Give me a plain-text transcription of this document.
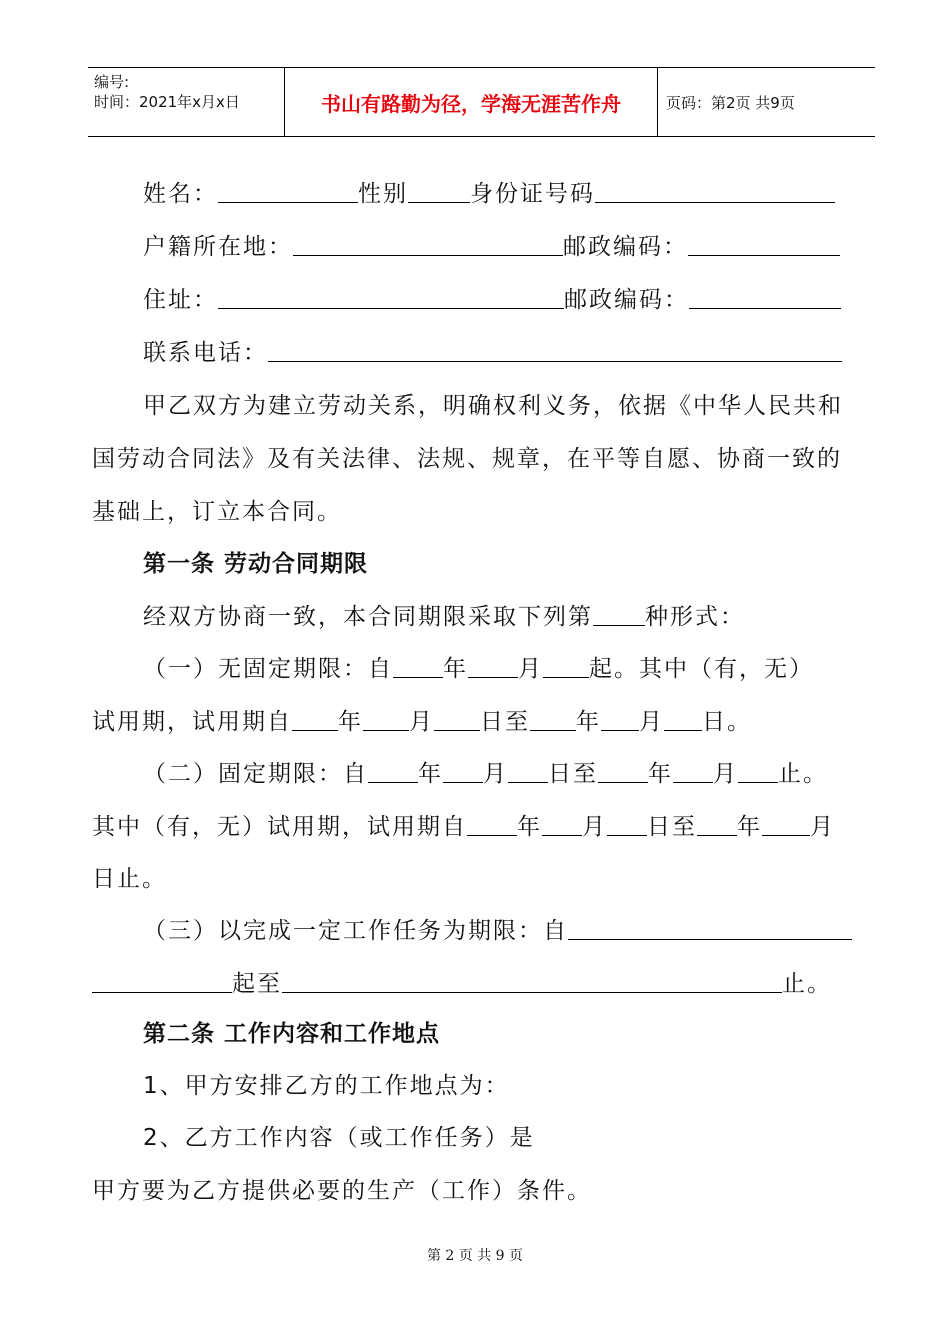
编号:
时间：2021年x月x日	书山有路勤为径，学海无涯苦作舟	页码：第2页 共9页
姓名：	性别	身份证号码
户籍所在地：	邮政编码：
住址：	邮政编码：
联系电话：
甲乙双方为建立劳动关系，明确权利义务，依据《中华人民共和
国劳动合同法》及有关法律、法规、规章，在平等自愿、协商一致的
基础上，订立本合同。
第一条 劳动合同期限
经双方协商一致，本合同期限采取下列第 种形式：
（一）无固定期限：自 年 月 起。其中（有，无）
试用期，试用期自 年 月 日至 年 月 日。
（二）固定期限：自 年 月 日至 年 月 止。
其中（有，无）试用期，试用期自 年 月 日至 年 月
日止。
（三）以完成一定工作任务为期限：自
起至	止。
第二条 工作内容和工作地点
1、甲方安排乙方的工作地点为：
2、乙方工作内容（或工作任务）是
甲方要为乙方提供必要的生产（工作）条件。
第 2 页 共 9 页
